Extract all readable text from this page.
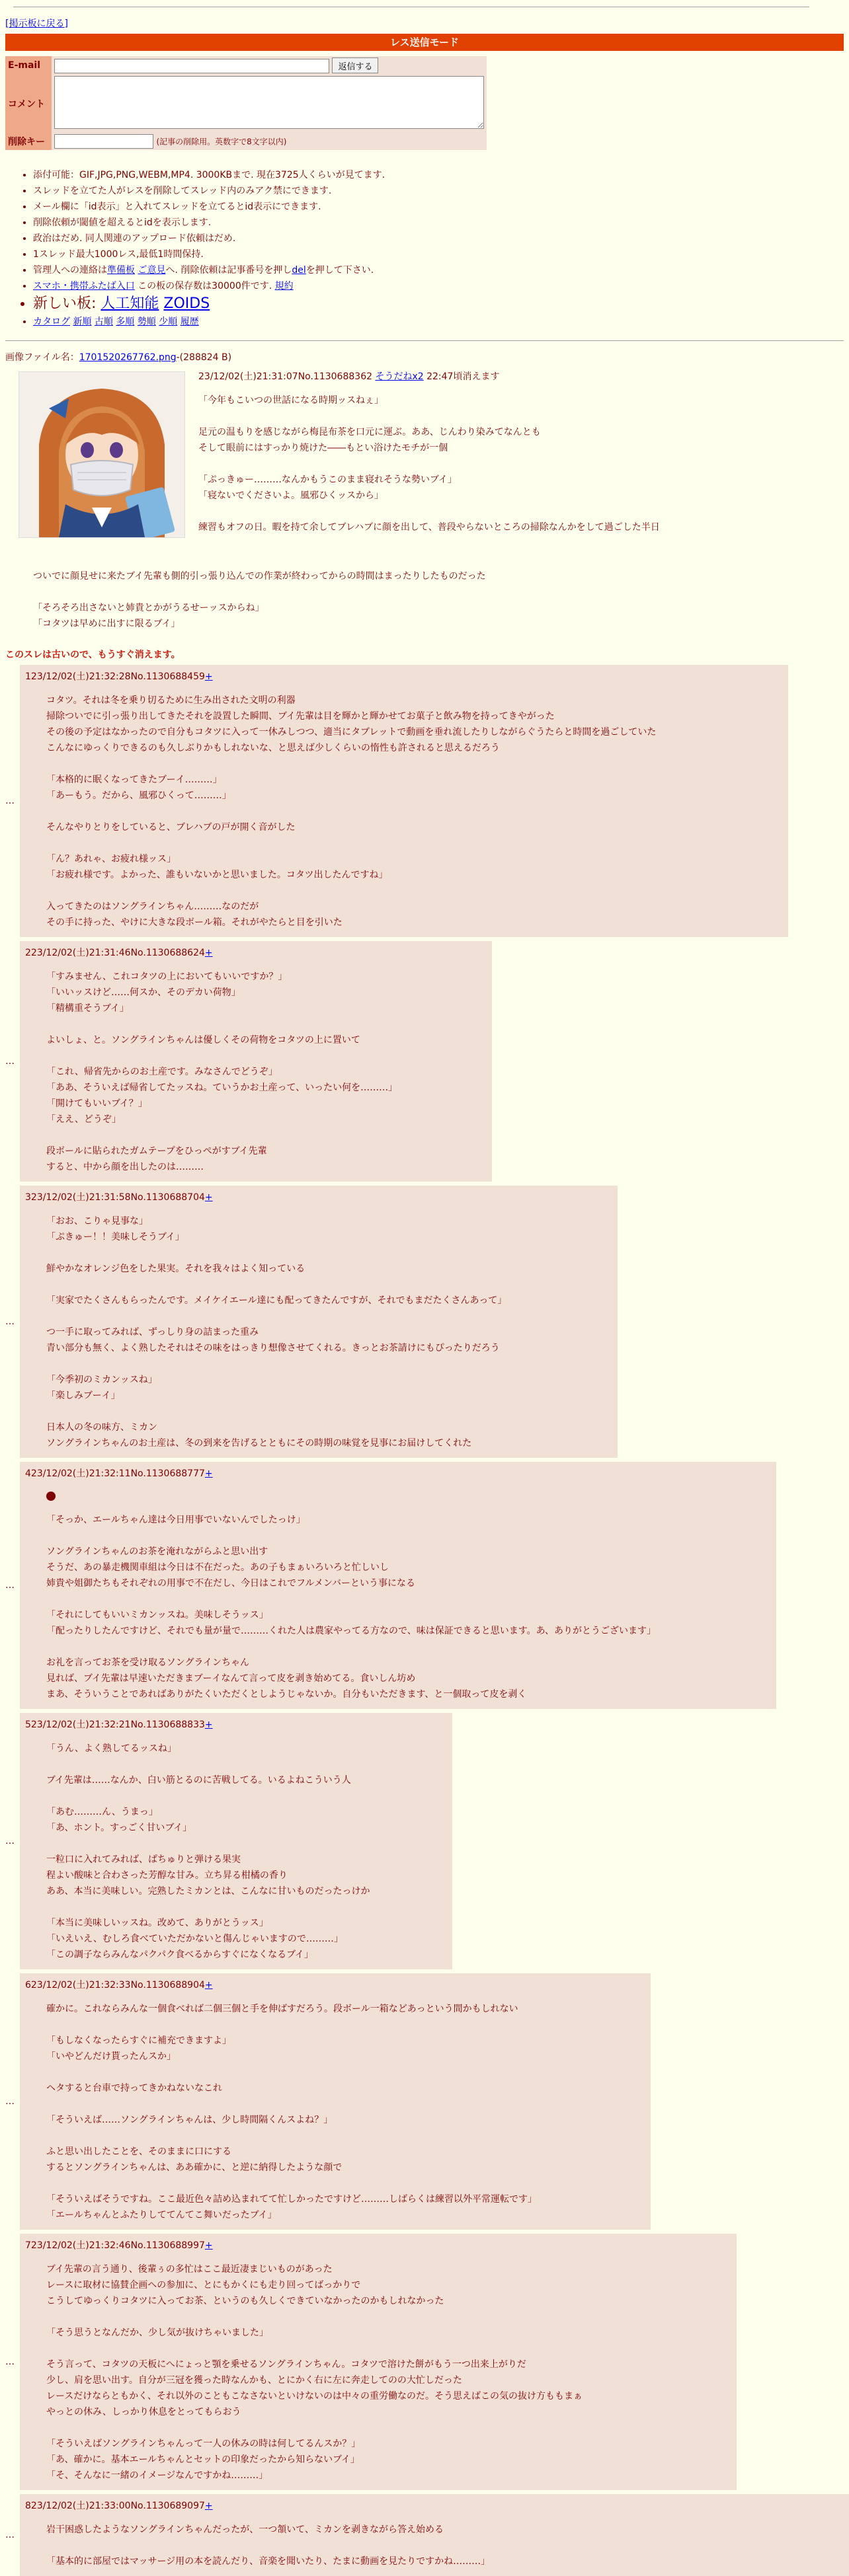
[掲示板に戻る]
レス送信モード
E-mail	返信する
コメント	
削除キー	(記事の削除用。英数字で8文字以内)
• 添付可能：GIF,JPG,PNG,WEBM,MP4. 3000KBまで. 現在3725人くらいが見てます.
• スレッドを立てた人がレスを削除してスレッド内のみアク禁にできます.
• メール欄に「id表示」と入れてスレッドを立てるとid表示にできます.
• 削除依頼が閾値を超えるとidを表示します.
• 政治はだめ. 同人関連のアップロード依頼はだめ.
• 1スレッド最大1000レス,最低1時間保持.
• 管理人への連絡は準備板 ご意見へ. 削除依頼は記事番号を押しdelを押して下さい.
• スマホ・携帯ふたば入口 この板の保存数は30000件です. 規約
• 新しい板: 人工知能 ZOIDS
• カタログ 新順 古順 多順 勢順 少順 履歴
画像ファイル名：1701520267762.png-(288824 B)
23/12/02(土)21:31:07No.1130688362 そうだねx2 22:47頃消えます
「今年もこいつの世話になる時期ッスねぇ」

足元の温もりを感じながら梅昆布茶を口元に運ぶ。ああ、じんわり染みてなんとも
そして眼前にはすっかり焼けた――もとい浴けたモチが一個

「ぷっきゅー………なんかもうこのまま寝れそうな勢いブイ」
「寝ないでくださいよ。風邪ひくッスから」

練習もオフの日。暇を持て余してブレハブに顔を出して、普段やらないところの掃除なんかをして過ごした半日
ついでに顔見せに来たブイ先輩も側的引っ張り込んでの作業が終わってからの時間はまったりしたものだった

「そろそろ出さないと姉貴とかがうるせーッスからね」
「コタツは早めに出すに限るブイ」
このスレは古いので、もうすぐ消えます。
…
123/12/02(土)21:32:28No.1130688459+
コタツ。それは冬を乗り切るために生み出された文明の利器
掃除ついでに引っ張り出してきたそれを設置した瞬間、ブイ先輩は目を輝かと輝かせてお菓子と飲み物を持ってきやがった
その後の予定はなかったので自分もコタツに入って一休みしつつ、適当にタブレットで動画を垂れ流したりしながらぐうたらと時間を過ごしていた
こんなにゆっくりできるのも久しぶりかもしれないな、と思えば少しくらいの惰性も許されると思えるだろう

「本格的に眠くなってきたブーイ………」
「あーもう。だから、風邪ひくって………」

そんなやりとりをしていると、ブレハブの戸が開く音がした

「ん？あれゃ、お疲れ様ッス」
「お疲れ様です。よかった、誰もいないかと思いました。コタツ出したんですね」

入ってきたのはソングラインちゃん………なのだが
その手に持った、やけに大きな段ボール箱。それがやたらと目を引いた
…
223/12/02(土)21:31:46No.1130688624+
「すみません、これコタツの上においてもいいですか？」
「いいッスけど……何スか、そのデカい荷物」
「精構重そうブイ」

よいしょ、と。ソングラインちゃんは優しくその荷物をコタツの上に置いて

「これ、帰省先からのお土産です。みなさんでどうぞ」
「ああ、そういえば帰省してたッスね。ていうかお土産って、いったい何を………」
「開けてもいいブイ？」
「ええ、どうぞ」

段ボールに貼られたガムテープをひっぺがすブイ先輩
すると、中から顔を出したのは………
…
323/12/02(土)21:31:58No.1130688704+
「おお、こりゃ見事な」
「ぷきゅー！！美味しそうブイ」

鮮やかなオレンジ色をした果実。それを我々はよく知っている

「実家でたくさんもらったんです。メイケイエール達にも配ってきたんですが、それでもまだたくさんあって」

つ一手に取ってみれば、ずっしり身の詰まった重み
青い部分も無く、よく熟したそれはその味をはっきり想像させてくれる。きっとお茶請けにもぴったりだろう

「今季初のミカンッスね」
「楽しみブーイ」

日本人の冬の味方、ミカン
ソングラインちゃんのお土産は、冬の到来を告げるとともにその時期の味覚を見事にお届けしてくれた
…
423/12/02(土)21:32:11No.1130688777+
「そっか、エールちゃん達は今日用事でいないんでしたっけ」

ソングラインちゃんのお茶を淹れながらふと思い出す
そうだ、あの暴走機関車組は今日は不在だった。あの子もまぁいろいろと忙しいし
姉貴や姐御たちもそれぞれの用事で不在だし、今日はこれでフルメンバーという事になる

「それにしてもいいミカンッスね。美味しそうッス」
「配ったりしたんですけど、それでも量が量で………くれた人は農家やってる方なので、味は保証できると思います。あ、ありがとうございます」

お礼を言ってお茶を受け取るソングラインちゃん
見れば、ブイ先輩は早速いただきまブーイなんて言って皮を剥き始めてる。食いしん坊め
まあ、そういうことであればありがたくいただくとしようじゃないか。自分もいただきます、と一個取って皮を剥く
…
523/12/02(土)21:32:21No.1130688833+
「うん、よく熟してるッスね」

ブイ先輩は……なんか、白い筋とるのに苦戦してる。いるよねこういう人

「あむ………ん、うまっ」
「あ、ホント。すっごく甘いブイ」

一粒口に入れてみれば、ぱちゅりと弾ける果実
程よい酸味と合わさった芳醇な甘み。立ち昇る柑橘の香り
ああ、本当に美味しい。完熟したミカンとは、こんなに甘いものだったっけか

「本当に美味しいッスね。改めて、ありがとうッス」
「いえいえ、むしろ食べていただかないと傷んじゃいますので………」
「この調子ならみんなパクパク食べるからすぐになくなるブイ」
…
623/12/02(土)21:32:33No.1130688904+
確かに。これならみんな一個食べれば二個三個と手を伸ばすだろう。段ボール一箱などあっという間かもしれない

「もしなくなったらすぐに補充できますよ」
「いやどんだけ貰ったんスか」

ヘタすると台車で持ってきかねないなこれ

「そういえば……ソングラインちゃんは、少し時間隔くんスよね？」

ふと思い出したことを、そのままに口にする
するとソングラインちゃんは、ああ確かに、と逆に納得したような顔で

「そういえばそうですね。ここ最近色々詰め込まれてて忙しかったですけど………しばらくは練習以外平常運転です」
「エールちゃんとふたりしててんてこ舞いだったブイ」
…
723/12/02(土)21:32:46No.1130688997+
ブイ先輩の言う通り、後輩ぅの多忙はここ最近凄まじいものがあった
レースに取材に協賛企画への参加に、とにもかくにも走り回ってばっかりで
こうしてゆっくりコタツに入ってお茶、というのも久しくできていなかったのかもしれなかった

「そう思うとなんだか、少し気が抜けちゃいました」

そう言って、コタツの天板にへにょっと顎を乗せるソングラインちゃん。コタツで溶けた餅がもう一つ出来上がりだ
少し、肩を思い出す。自分が三冠を獲った時なんかも、とにかく右に左に奔走してのの大忙しだった
レースだけならともかく、それ以外のこともこなさないといけないのは中々の重労働なのだ。そう思えばこの気の抜け方ももまぁ
やっとの休み、しっかり休息をとってもらおう

「そういえばソングラインちゃんって一人の休みの時は何してるんスか？」
「あ、確かに。基本エールちゃんとセットの印象だったから知らないブイ」
「そ、そんなに一緒のイメージなんですかね………」
…
823/12/02(土)21:33:00No.1130689097+
岩干困惑したようなソングラインちゃんだったが、一つ頷いて、ミカンを剥きながら答え始める

「基本的に部屋ではマッサージ用の本を読んだり、音楽を聞いたり、たまに動画を見たりですかね………」
